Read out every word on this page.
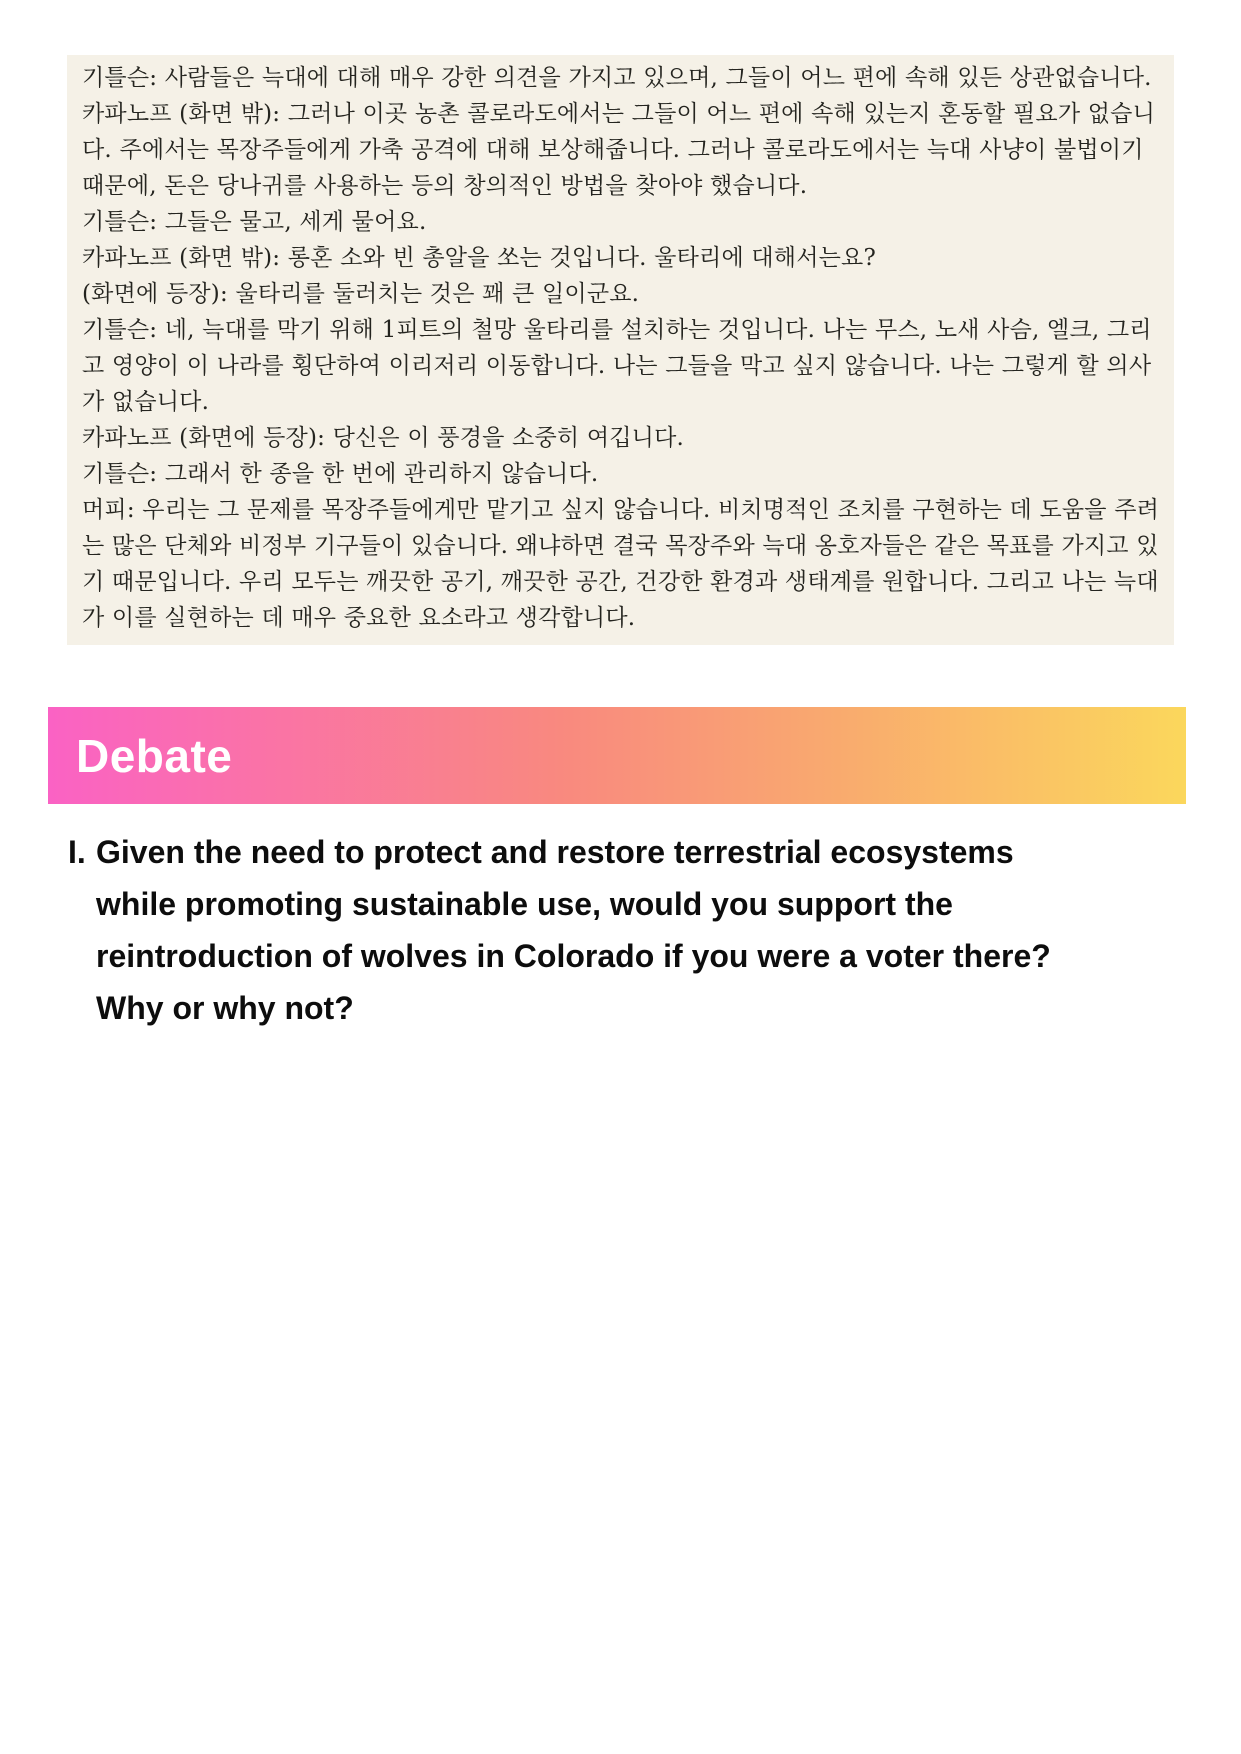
기틀슨: 사람들은 늑대에 대해 매우 강한 의견을 가지고 있으며, 그들이 어느 편에 속해 있든 상관없습니다.

카파노프 (화면 밖): 그러나 이곳 농촌 콜로라도에서는 그들이 어느 편에 속해 있는지 혼동할 필요가 없습니다. 주에서는 목장주들에게 가축 공격에 대해 보상해줍니다. 그러나 콜로라도에서는 늑대 사냥이 불법이기 때문에, 돈은 당나귀를 사용하는 등의 창의적인 방법을 찾아야 했습니다.

기틀슨: 그들은 물고, 세게 물어요.

카파노프 (화면 밖): 롱혼 소와 빈 총알을 쏘는 것입니다. 울타리에 대해서는요?

(화면에 등장): 울타리를 둘러치는 것은 꽤 큰 일이군요.

기틀슨: 네, 늑대를 막기 위해 1피트의 철망 울타리를 설치하는 것입니다. 나는 무스, 노새 사슴, 엘크, 그리고 영양이 이 나라를 횡단하여 이리저리 이동합니다. 나는 그들을 막고 싶지 않습니다. 나는 그렇게 할 의사가 없습니다.

카파노프 (화면에 등장): 당신은 이 풍경을 소중히 여깁니다.

기틀슨: 그래서 한 종을 한 번에 관리하지 않습니다.

머피: 우리는 그 문제를 목장주들에게만 맡기고 싶지 않습니다. 비치명적인 조치를 구현하는 데 도움을 주려는 많은 단체와 비정부 기구들이 있습니다. 왜냐하면 결국 목장주와 늑대 옹호자들은 같은 목표를 가지고 있기 때문입니다. 우리 모두는 깨끗한 공기, 깨끗한 공간, 건강한 환경과 생태계를 원합니다. 그리고 나는 늑대가 이를 실현하는 데 매우 중요한 요소라고 생각합니다.

Debate
I. Given the need to protect and restore terrestrial ecosystems while promoting sustainable use, would you support the reintroduction of wolves in Colorado if you were a voter there? Why or why not?
